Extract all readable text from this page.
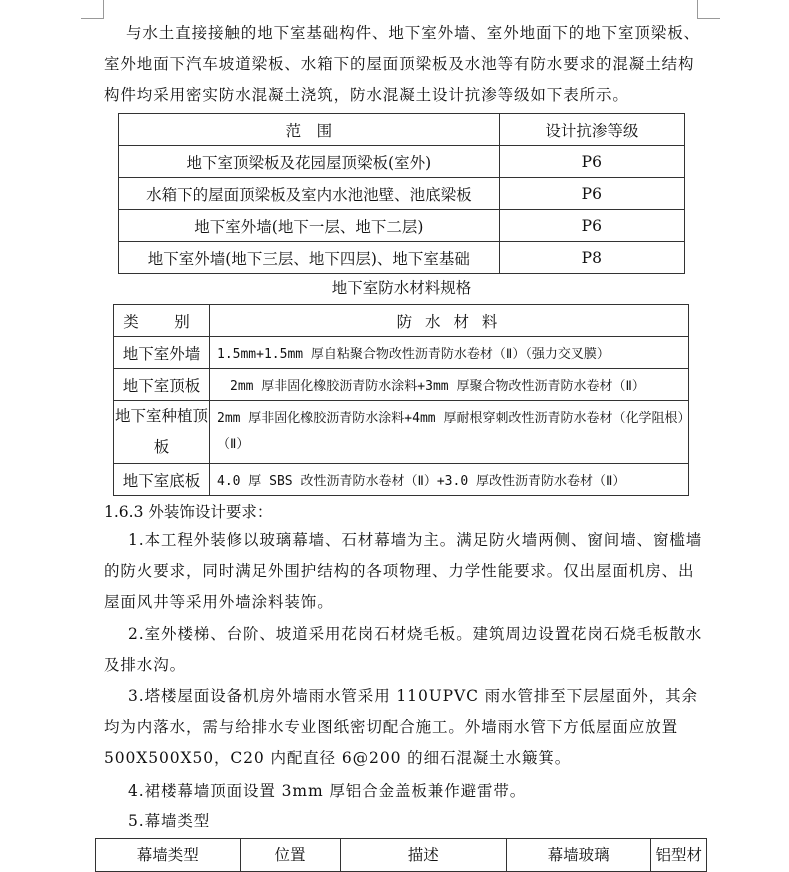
与水土直接接触的地下室基础构件、地下室外墙、室外地面下的地下室顶梁板、室外地面下汽车坡道梁板、水箱下的屋面顶梁板及水池等有防水要求的混凝土结构构件均采用密实防水混凝土浇筑，防水混凝土设计抗渗等级如下表所示。

范　围	设计抗渗等级
地下室顶梁板及花园屋顶梁板(室外)	P6
水箱下的屋面顶梁板及室内水池池壁、池底梁板	P6
地下室外墙(地下一层、地下二层)	P6
地下室外墙(地下三层、地下四层)、地下室基础	P8
地下室防水材料规格
类　别	防 水 材 料
地下室外墙	1.5mm+1.5mm 厚自粘聚合物改性沥青防水卷材（Ⅱ）（强力交叉膜）
地下室顶板	　2mm 厚非固化橡胶沥青防水涂料+3mm 厚聚合物改性沥青防水卷材（Ⅱ）
地下室种植顶板	2mm 厚非固化橡胶沥青防水涂料+4mm 厚耐根穿刺改性沥青防水卷材（化学阻根）（Ⅱ）
地下室底板	4.0 厚 SBS 改性沥青防水卷材（Ⅱ）+3.0 厚改性沥青防水卷材（Ⅱ）

1.6.3 外装饰设计要求：

1.本工程外装修以玻璃幕墙、石材幕墙为主。满足防火墙两侧、窗间墙、窗槛墙的防火要求，同时满足外围护结构的各项物理、力学性能要求。仅出屋面机房、出屋面风井等采用外墙涂料装饰。

2.室外楼梯、台阶、坡道采用花岗石材烧毛板。建筑周边设置花岗石烧毛板散水及排水沟。

3.塔楼屋面设备机房外墙雨水管采用 110UPVC 雨水管排至下层屋面外，其余均为内落水，需与给排水专业图纸密切配合施工。外墙雨水管下方低屋面应放置500X500X50，C20 内配直径 6@200 的细石混凝土水簸箕。

4.裙楼幕墙顶面设置 3mm 厚铝合金盖板兼作避雷带。

5.幕墙类型

幕墙类型	位置	描述	幕墙玻璃	铝型材
